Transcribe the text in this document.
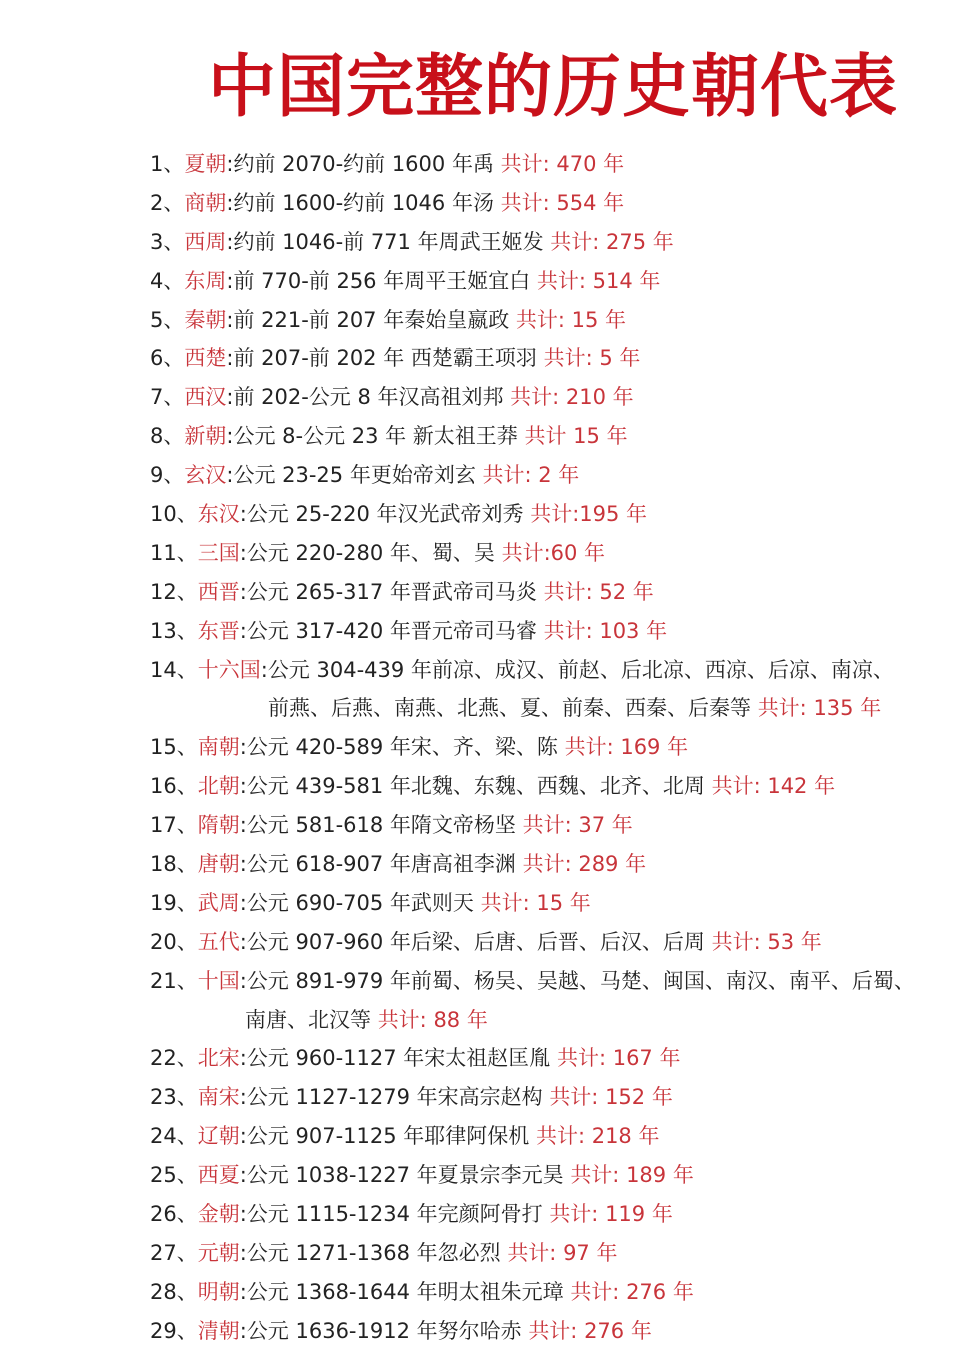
中国完整的历史朝代表
1、夏朝:约前 2070-约前 1600 年禹 共计: 470 年
2、商朝:约前 1600-约前 1046 年汤 共计: 554 年
3、西周:约前 1046-前 771 年周武王姬发 共计: 275 年
4、东周:前 770-前 256 年周平王姬宜白 共计: 514 年
5、秦朝:前 221-前 207 年秦始皇嬴政 共计: 15 年
6、西楚:前 207-前 202 年 西楚霸王项羽 共计: 5 年
7、西汉:前 202-公元 8 年汉高祖刘邦 共计: 210 年
8、新朝:公元 8-公元 23 年 新太祖王莽 共计 15 年
9、玄汉:公元 23-25 年更始帝刘玄 共计: 2 年
10、东汉:公元 25-220 年汉光武帝刘秀 共计:195 年
11、三国:公元 220-280 年、蜀、吴 共计:60 年
12、西晋:公元 265-317 年晋武帝司马炎 共计: 52 年
13、东晋:公元 317-420 年晋元帝司马睿 共计: 103 年
14、十六国:公元 304-439 年前凉、成汉、前赵、后北凉、西凉、后凉、南凉、
前燕、后燕、南燕、北燕、夏、前秦、西秦、后秦等 共计: 135 年
15、南朝:公元 420-589 年宋、齐、梁、陈 共计: 169 年
16、北朝:公元 439-581 年北魏、东魏、西魏、北齐、北周 共计: 142 年
17、隋朝:公元 581-618 年隋文帝杨坚 共计: 37 年
18、唐朝:公元 618-907 年唐高祖李渊 共计: 289 年
19、武周:公元 690-705 年武则天 共计: 15 年
20、五代:公元 907-960 年后梁、后唐、后晋、后汉、后周 共计: 53 年
21、十国:公元 891-979 年前蜀、杨吴、吴越、马楚、闽国、南汉、南平、后蜀、
南唐、北汉等 共计: 88 年
22、北宋:公元 960-1127 年宋太祖赵匡胤 共计: 167 年
23、南宋:公元 1127-1279 年宋高宗赵构 共计: 152 年
24、辽朝:公元 907-1125 年耶律阿保机 共计: 218 年
25、西夏:公元 1038-1227 年夏景宗李元昊 共计: 189 年
26、金朝:公元 1115-1234 年完颜阿骨打 共计: 119 年
27、元朝:公元 1271-1368 年忽必烈 共计: 97 年
28、明朝:公元 1368-1644 年明太祖朱元璋 共计: 276 年
29、清朝:公元 1636-1912 年努尔哈赤 共计: 276 年
